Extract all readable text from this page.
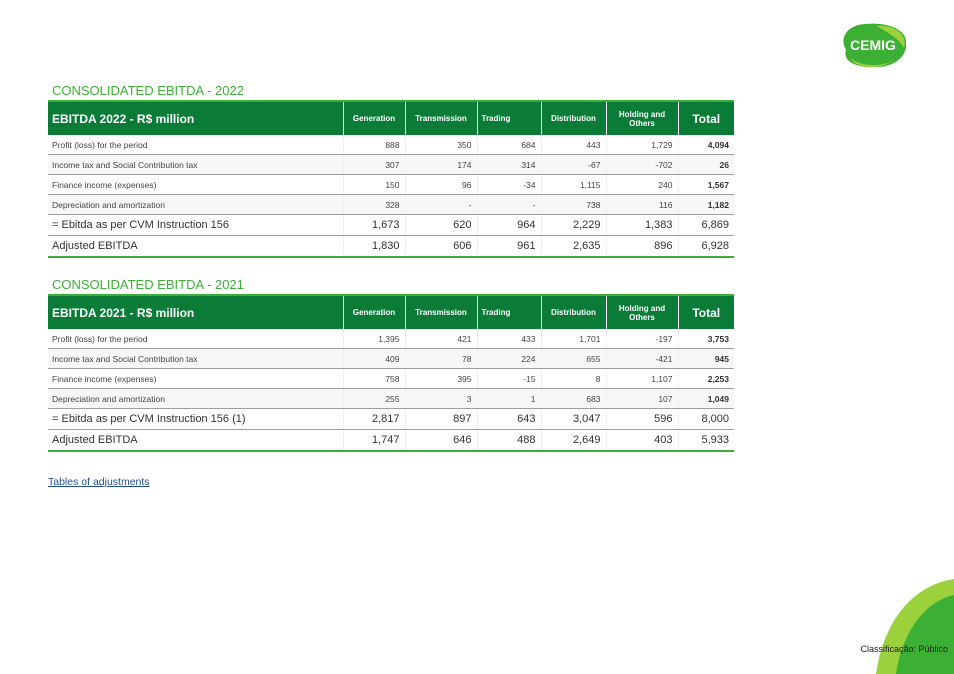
CEMIG
CONSOLIDATED EBITDA - 2022
EBITDA 2022 - R$ million	Generation	Transmission	Trading	Distribution	Holding and Others	Total
Profit (loss) for the period	888	350	684	443	1,729	4,094
Income tax and Social Contribution tax	307	174	314	-67	-702	26
Finance income (expenses)	150	96	-34	1,115	240	1,567
Depreciation and amortization	328	-	-	738	116	1,182
= Ebitda as per CVM Instruction 156	1,673	620	964	2,229	1,383	6,869
Adjusted EBITDA	1,830	606	961	2,635	896	6,928
CONSOLIDATED EBITDA - 2021
EBITDA 2021 - R$ million	Generation	Transmission	Trading	Distribution	Holding and Others	Total
Profit (loss) for the period	1,395	421	433	1,701	-197	3,753
Income tax and Social Contribution tax	409	78	224	655	-421	945
Finance income (expenses)	758	395	-15	8	1,107	2,253
Depreciation and amortization	255	3	1	683	107	1,049
= Ebitda as per CVM Instruction 156 (1)	2,817	897	643	3,047	596	8,000
Adjusted EBITDA	1,747	646	488	2,649	403	5,933
Tables of adjustments
Classificação: Público
